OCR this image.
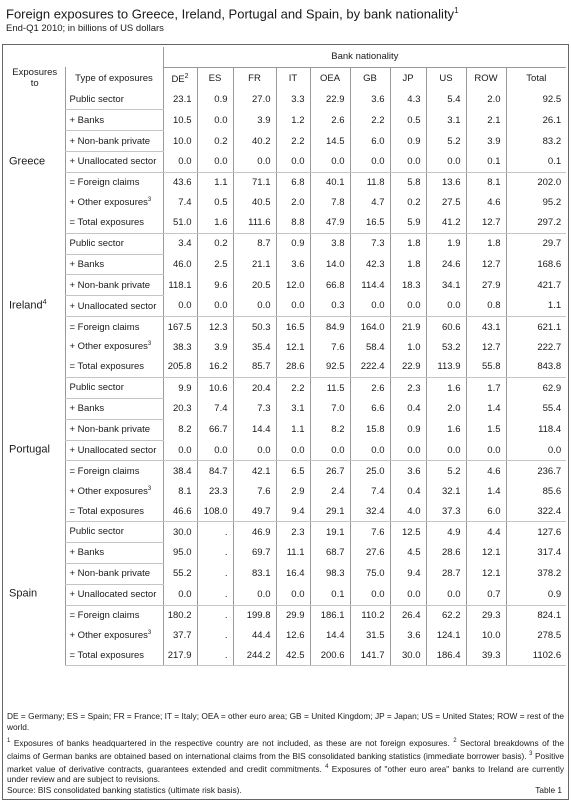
Foreign exposures to Greece, Ireland, Portugal and Spain, by bank nationality$^1$
End-Q1 2010; in billions of US dollars
		Bank nationality									
Exposures to	Type of exposures	$DE^2$	ES	FR	IT	OEA	GB	JP	US	ROW	Total
Greece	Public sector	23.1	0.9	27.0	3.3	22.9	3.6	4.3	5.4	2.0	92.5
	+ Banks	10.5	0.0	3.9	1.2	2.6	2.2	0.5	3.1	2.1	26.1
	+ Non-bank private	10.0	0.2	40.2	2.2	14.5	6.0	0.9	5.2	3.9	83.2
	+ Unallocated sector	0.0	0.0	0.0	0.0	0.0	0.0	0.0	0.0	0.1	0.1
	= Foreign claims	43.6	1.1	71.1	6.8	40.1	11.8	5.8	13.6	8.1	202.0
	+ Other exposures$^3$	7.4	0.5	40.5	2.0	7.8	4.7	0.2	27.5	4.6	95.2
	= Total exposures	51.0	1.6	111.6	8.8	47.9	16.5	5.9	41.2	12.7	297.2
Ireland$^4$	Public sector	3.4	0.2	8.7	0.9	3.8	7.3	1.8	1.9	1.8	29.7
	+ Banks	46.0	2.5	21.1	3.6	14.0	42.3	1.8	24.6	12.7	168.6
	+ Non-bank private	118.1	9.6	20.5	12.0	66.8	114.4	18.3	34.1	27.9	421.7
	+ Unallocated sector	0.0	0.0	0.0	0.0	0.3	0.0	0.0	0.0	0.8	1.1
	= Foreign claims	167.5	12.3	50.3	16.5	84.9	164.0	21.9	60.6	43.1	621.1
	+ Other exposures$^3$	38.3	3.9	35.4	12.1	7.6	58.4	1.0	53.2	12.7	222.7
	= Total exposures	205.8	16.2	85.7	28.6	92.5	222.4	22.9	113.9	55.8	843.8
Portugal	Public sector	9.9	10.6	20.4	2.2	11.5	2.6	2.3	1.6	1.7	62.9
	+ Banks	20.3	7.4	7.3	3.1	7.0	6.6	0.4	2.0	1.4	55.4
	+ Non-bank private	8.2	66.7	14.4	1.1	8.2	15.8	0.9	1.6	1.5	118.4
	+ Unallocated sector	0.0	0.0	0.0	0.0	0.0	0.0	0.0	0.0	0.0	0.0
	= Foreign claims	38.4	84.7	42.1	6.5	26.7	25.0	3.6	5.2	4.6	236.7
	+ Other exposures$^3$	8.1	23.3	7.6	2.9	2.4	7.4	0.4	32.1	1.4	85.6
	= Total exposures	46.6	108.0	49.7	9.4	29.1	32.4	4.0	37.3	6.0	322.4
Spain	Public sector	30.0	.	46.9	2.3	19.1	7.6	12.5	4.9	4.4	127.6
	+ Banks	95.0	.	69.7	11.1	68.7	27.6	4.5	28.6	12.1	317.4
	+ Non-bank private	55.2	.	83.1	16.4	98.3	75.0	9.4	28.7	12.1	378.2
	+ Unallocated sector	0.0	.	0.0	0.0	0.1	0.0	0.0	0.0	0.7	0.9
	= Foreign claims	180.2	.	199.8	29.9	186.1	110.2	26.4	62.2	29.3	824.1
	+ Other exposures$^3$	37.7	.	44.4	12.6	14.4	31.5	3.6	124.1	10.0	278.5
	= Total exposures	217.9	.	244.2	42.5	200.6	141.7	30.0	186.4	39.3	1102.6

DE = Germany; ES = Spain; FR = France; IT = Italy; OEA = other euro area; GB = United Kingdom; JP = Japan; US = United States; ROW = rest of the world.

$^1$ Exposures of banks headquartered in the respective country are not included, as these are not foreign exposures. $^2$ Sectoral breakdowns of the claims of German banks are obtained based on international claims from the BIS consolidated banking statistics (immediate borrower basis). $^3$ Positive market value of derivative contracts, guarantees extended and credit commitments. $^4$ Exposures of "other euro area" banks to Ireland are currently under review and are subject to revisions.

Source: BIS consolidated banking statistics (ultimate risk basis).	Table 1
